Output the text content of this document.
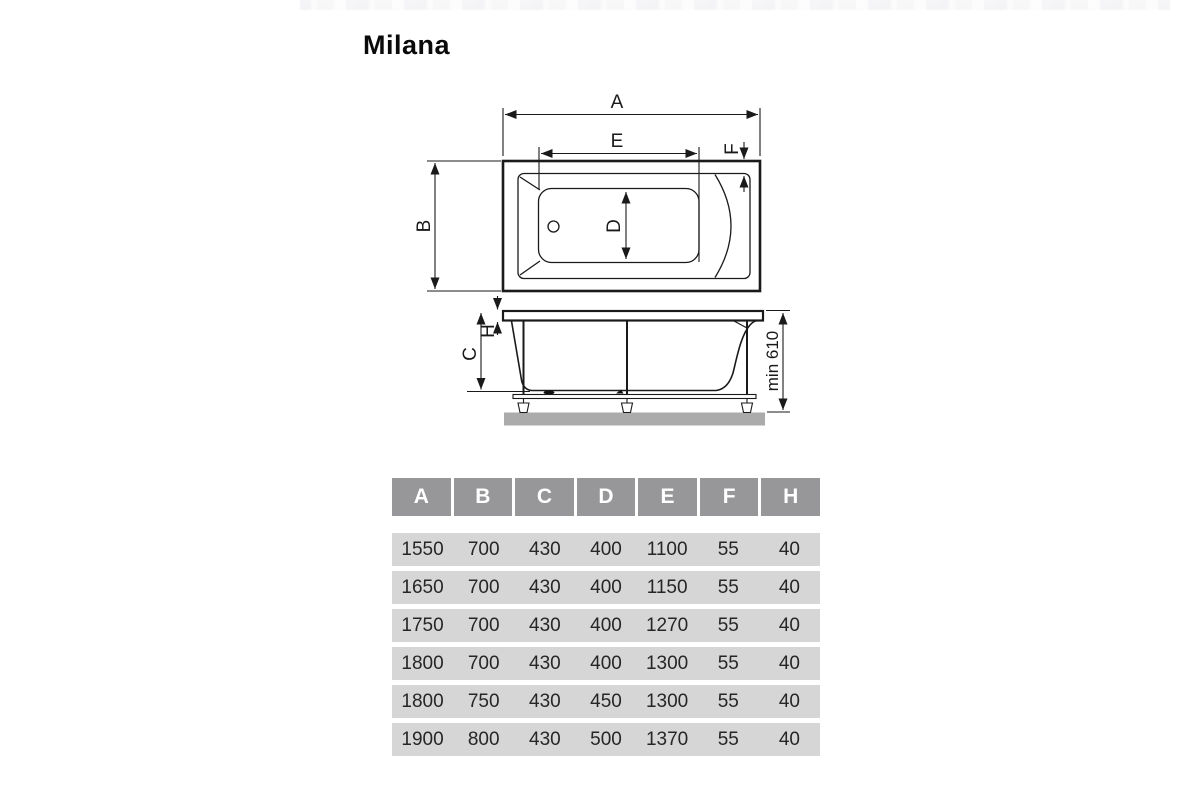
Milana
A
E	F
B	D
H
C	min 610
A	B	C	D	E	F	H
1550	700	430	400	1100	55	40
1650	700	430	400	1150	55	40
1750	700	430	400	1270	55	40
1800	700	430	400	1300	55	40
1800	750	430	450	1300	55	40
1900	800	430	500	1370	55	40
